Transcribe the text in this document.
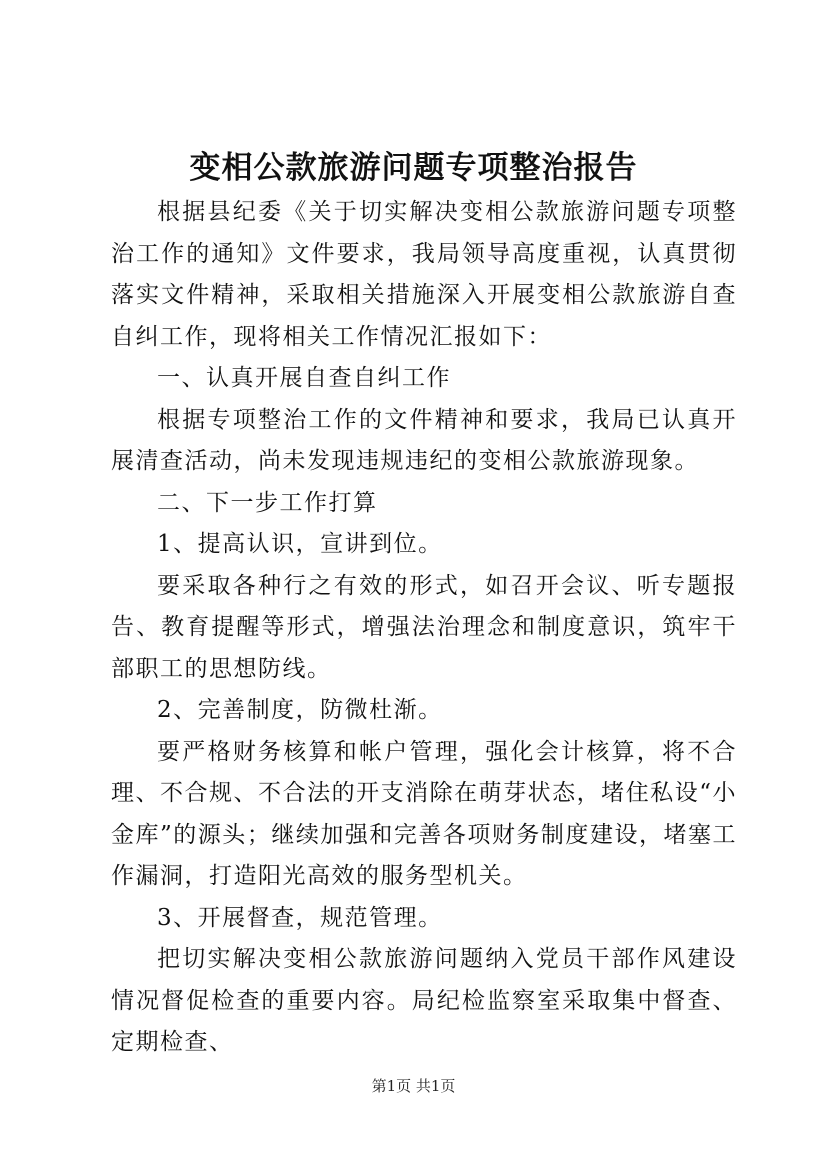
变相公款旅游问题专项整治报告

根据县纪委《关于切实解决变相公款旅游问题专项整治工作的通知》文件要求，我局领导高度重视，认真贯彻落实文件精神，采取相关措施深入开展变相公款旅游自查自纠工作，现将相关工作情况汇报如下：

一、认真开展自查自纠工作

根据专项整治工作的文件精神和要求，我局已认真开展清查活动，尚未发现违规违纪的变相公款旅游现象。

二、下一步工作打算

1、提高认识，宣讲到位。

要采取各种行之有效的形式，如召开会议、听专题报告、教育提醒等形式，增强法治理念和制度意识，筑牢干部职工的思想防线。

2、完善制度，防微杜渐。

要严格财务核算和帐户管理，强化会计核算，将不合理、不合规、不合法的开支消除在萌芽状态，堵住私设“小金库”的源头；继续加强和完善各项财务制度建设，堵塞工作漏洞，打造阳光高效的服务型机关。

3、开展督查，规范管理。

把切实解决变相公款旅游问题纳入党员干部作风建设情况督促检查的重要内容。局纪检监察室采取集中督查、定期检查、

第1页 共1页
